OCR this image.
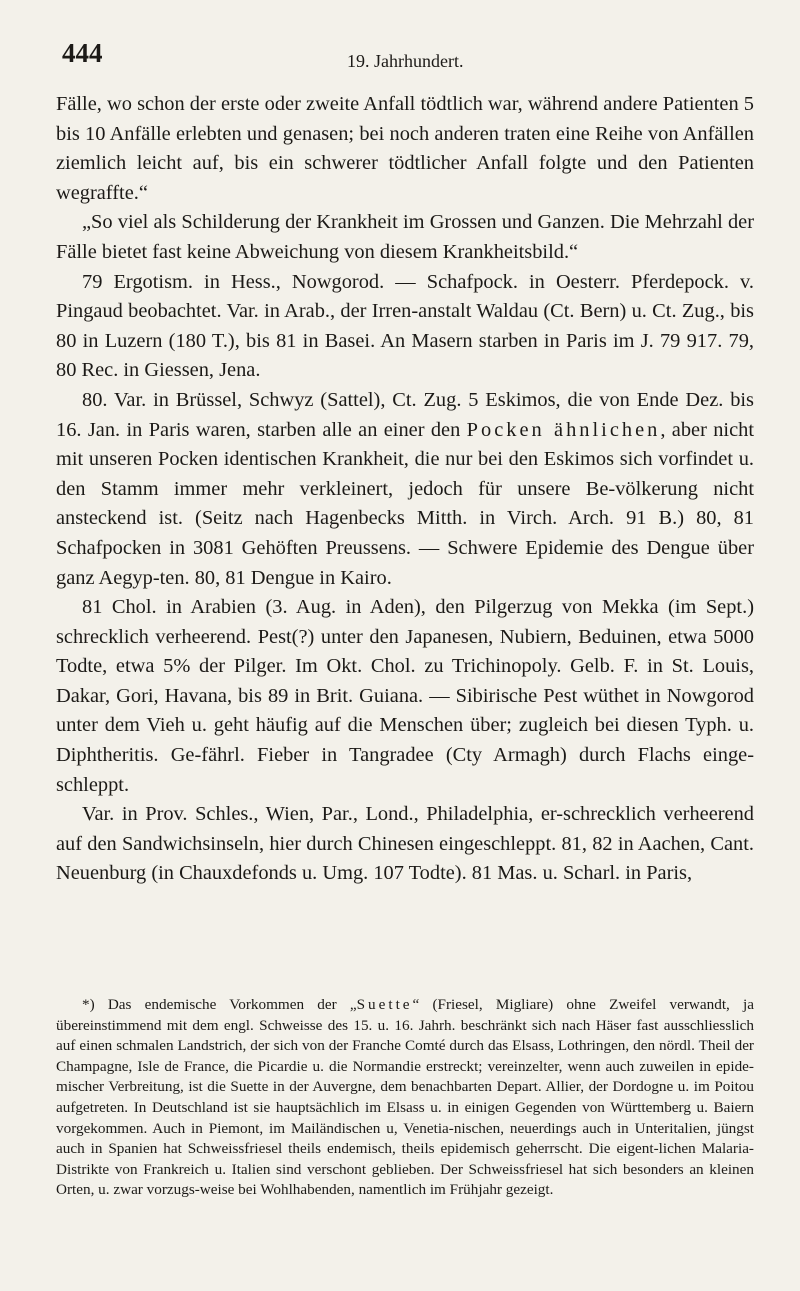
444	19. Jahrhundert.

Fälle, wo schon der erste oder zweite Anfall tödtlich war, während andere Patienten 5 bis 10 Anfälle erlebten und genasen; bei noch anderen traten eine Reihe von Anfällen ziemlich leicht auf, bis ein schwerer tödtlicher Anfall folgte und den Patienten wegraffte.“

„So viel als Schilderung der Krankheit im Grossen und Ganzen. Die Mehrzahl der Fälle bietet fast keine Abweichung von diesem Krankheitsbild.“

79 Ergotism. in Hess., Nowgorod. — Schafpock. in Oesterr. Pferdepock. v. Pingaud beobachtet. Var. in Arab., der Irren-anstalt Waldau (Ct. Bern) u. Ct. Zug., bis 80 in Luzern (180 T.), bis 81 in Basei. An Masern starben in Paris im J. 79 917. 79, 80 Rec. in Giessen, Jena.

80. Var. in Brüssel, Schwyz (Sattel), Ct. Zug. 5 Eskimos, die von Ende Dez. bis 16. Jan. in Paris waren, starben alle an einer den Pocken ähnlichen, aber nicht mit unseren Pocken identischen Krankheit, die nur bei den Eskimos sich vorfindet u. den Stamm immer mehr verkleinert, jedoch für unsere Be-völkerung nicht ansteckend ist. (Seitz nach Hagenbecks Mitth. in Virch. Arch. 91 B.) 80, 81 Schafpocken in 3081 Gehöften Preussens. — Schwere Epidemie des Dengue über ganz Aegyp-ten. 80, 81 Dengue in Kairo.

81 Chol. in Arabien (3. Aug. in Aden), den Pilgerzug von Mekka (im Sept.) schrecklich verheerend. Pest(?) unter den Japanesen, Nubiern, Beduinen, etwa 5000 Todte, etwa 5% der Pilger. Im Okt. Chol. zu Trichinopoly. Gelb. F. in St. Louis, Dakar, Gori, Havana, bis 89 in Brit. Guiana. — Sibirische Pest wüthet in Nowgorod unter dem Vieh u. geht häufig auf die Menschen über; zugleich bei diesen Typh. u. Diphtheritis. Ge-fährl. Fieber in Tangradee (Cty Armagh) durch Flachs einge-schleppt.

Var. in Prov. Schles., Wien, Par., Lond., Philadelphia, er-schrecklich verheerend auf den Sandwichsinseln, hier durch Chinesen eingeschleppt. 81, 82 in Aachen, Cant. Neuenburg (in Chauxdefonds u. Umg. 107 Todte). 81 Mas. u. Scharl. in Paris,

*) Das endemische Vorkommen der „Suette“ (Friesel, Migliare) ohne Zweifel verwandt, ja übereinstimmend mit dem engl. Schweisse des 15. u. 16. Jahrh. beschränkt sich nach Häser fast ausschliesslich auf einen schmalen Landstrich, der sich von der Franche Comté durch das Elsass, Lothringen, den nördl. Theil der Champagne, Isle de France, die Picardie u. die Normandie erstreckt; vereinzelter, wenn auch zuweilen in epide-mischer Verbreitung, ist die Suette in der Auvergne, dem benachbarten Depart. Allier, der Dordogne u. im Poitou aufgetreten. In Deutschland ist sie hauptsächlich im Elsass u. in einigen Gegenden von Württemberg u. Baiern vorgekommen. Auch in Piemont, im Mailändischen u, Venetia-nischen, neuerdings auch in Unteritalien, jüngst auch in Spanien hat Schweissfriesel theils endemisch, theils epidemisch geherrscht. Die eigent-lichen Malaria-Distrikte von Frankreich u. Italien sind verschont geblieben. Der Schweissfriesel hat sich besonders an kleinen Orten, u. zwar vorzugs-weise bei Wohlhabenden, namentlich im Frühjahr gezeigt.
